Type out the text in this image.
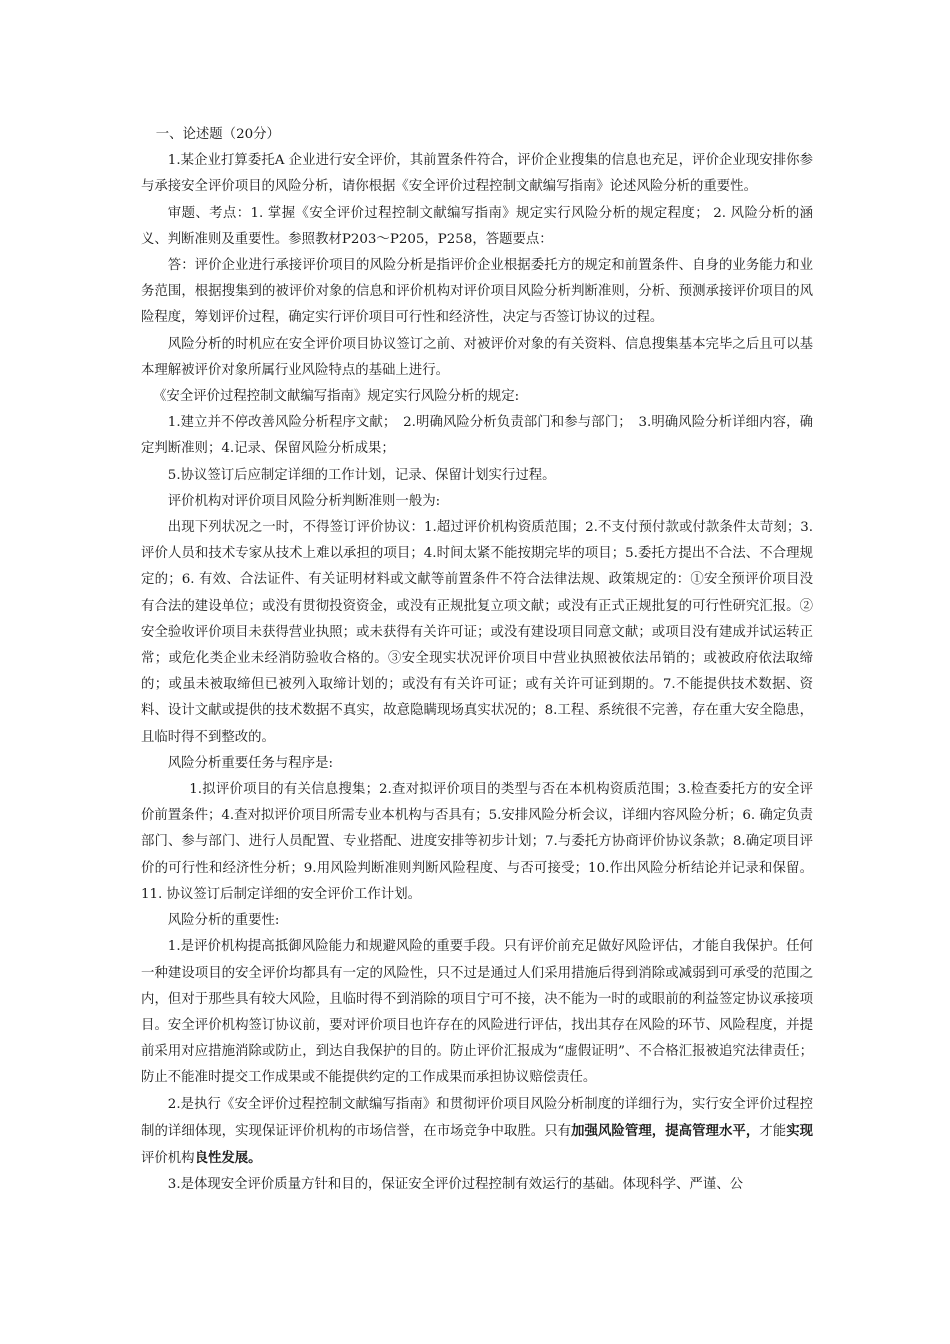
一、论述题（20分）

1.某企业打算委托A 企业进行安全评价，其前置条件符合，评价企业搜集的信息也充足，评价企业现安排你参与承接安全评价项目的风险分析，请你根据《安全评价过程控制文献编写指南》论述风险分析的重要性。

审题、考点：1. 掌握《安全评价过程控制文献编写指南》规定实行风险分析的规定程度； 2. 风险分析的涵义、判断准则及重要性。参照教材P203～P205，P258，答题要点：

答：评价企业进行承接评价项目的风险分析是指评价企业根据委托方的规定和前置条件、自身的业务能力和业务范围，根据搜集到的被评价对象的信息和评价机构对评价项目风险分析判断准则，分析、预测承接评价项目的风险程度，筹划评价过程，确定实行评价项目可行性和经济性，决定与否签订协议的过程。

风险分析的时机应在安全评价项目协议签订之前、对被评价对象的有关资料、信息搜集基本完毕之后且可以基本理解被评价对象所属行业风险特点的基础上进行。

《安全评价过程控制文献编写指南》规定实行风险分析的规定:

1.建立并不停改善风险分析程序文献；　2.明确风险分析负责部门和参与部门；　3.明确风险分析详细内容，确定判断准则；4.记录、保留风险分析成果；

5.协议签订后应制定详细的工作计划，记录、保留计划实行过程。

评价机构对评价项目风险分析判断准则一般为:

出现下列状况之一时，不得签订评价协议：1.超过评价机构资质范围；2.不支付预付款或付款条件太苛刻；3.评价人员和技术专家从技术上难以承担的项目；4.时间太紧不能按期完毕的项目；5.委托方提出不合法、不合理规定的；6. 有效、合法证件、有关证明材料或文献等前置条件不符合法律法规、政策规定的：①安全预评价项目没有合法的建设单位；或没有贯彻投资资金，或没有正规批复立项文献；或没有正式正规批复的可行性研究汇报。②安全验收评价项目未获得营业执照；或未获得有关许可证；或没有建设项目同意文献；或项目没有建成并试运转正常；或危化类企业未经消防验收合格的。③安全现实状况评价项目中营业执照被依法吊销的；或被政府依法取缔的；或虽未被取缔但已被列入取缔计划的；或没有有关许可证；或有关许可证到期的。7.不能提供技术数据、资料、设计文献或提供的技术数据不真实，故意隐瞒现场真实状况的；8.工程、系统很不完善，存在重大安全隐患，且临时得不到整改的。

风险分析重要任务与程序是:

1.拟评价项目的有关信息搜集；2.查对拟评价项目的类型与否在本机构资质范围；3.检查委托方的安全评价前置条件；4.查对拟评价项目所需专业本机构与否具有；5.安排风险分析会议，详细内容风险分析；6. 确定负责部门、参与部门、进行人员配置、专业搭配、进度安排等初步计划；7.与委托方协商评价协议条款；8.确定项目评价的可行性和经济性分析；9.用风险判断准则判断风险程度、与否可接受；10.作出风险分析结论并记录和保留。11. 协议签订后制定详细的安全评价工作计划。

风险分析的重要性:

1.是评价机构提高抵御风险能力和规避风险的重要手段。只有评价前充足做好风险评估，才能自我保护。任何一种建设项目的安全评价均都具有一定的风险性，只不过是通过人们采用措施后得到消除或减弱到可承受的范围之内，但对于那些具有较大风险，且临时得不到消除的项目宁可不接，决不能为一时的或眼前的利益签定协议承接项目。安全评价机构签订协议前，要对评价项目也许存在的风险进行评估，找出其存在风险的环节、风险程度，并提前采用对应措施消除或防止，到达自我保护的目的。防止评价汇报成为“虚假证明”、不合格汇报被追究法律责任；防止不能准时提交工作成果或不能提供约定的工作成果而承担协议赔偿责任。

2.是执行《安全评价过程控制文献编写指南》和贯彻评价项目风险分析制度的详细行为，实行安全评价过程控制的详细体现，实现保证评价机构的市场信誉，在市场竞争中取胜。只有加强风险管理，提高管理水平，才能实现评价机构良性发展。

3.是体现安全评价质量方针和目的，保证安全评价过程控制有效运行的基础。体现科学、严谨、公
